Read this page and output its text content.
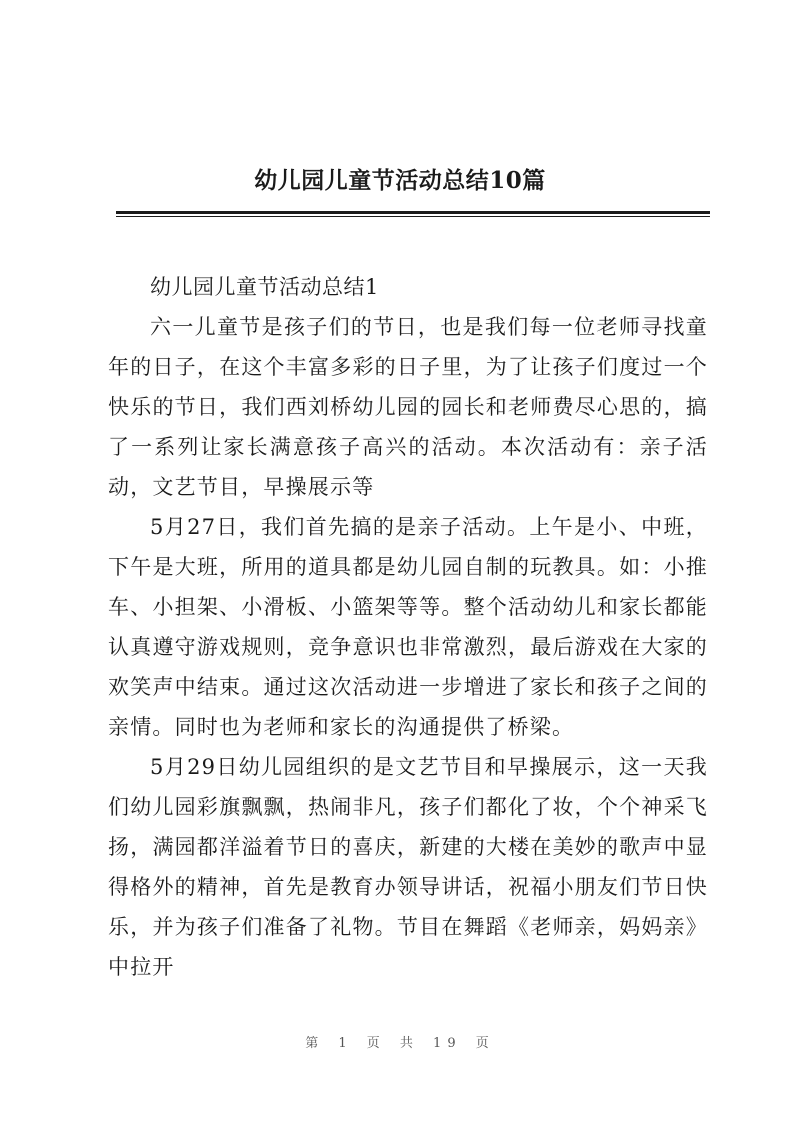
幼儿园儿童节活动总结10篇

幼儿园儿童节活动总结1

六一儿童节是孩子们的节日，也是我们每一位老师寻找童年的日子，在这个丰富多彩的日子里，为了让孩子们度过一个快乐的节日，我们西刘桥幼儿园的园长和老师费尽心思的，搞了一系列让家长满意孩子高兴的活动。本次活动有：亲子活动，文艺节目，早操展示等

5月27日，我们首先搞的是亲子活动。上午是小、中班，下午是大班，所用的道具都是幼儿园自制的玩教具。如：小推车、小担架、小滑板、小篮架等等。整个活动幼儿和家长都能认真遵守游戏规则，竞争意识也非常激烈，最后游戏在大家的欢笑声中结束。通过这次活动进一步增进了家长和孩子之间的亲情。同时也为老师和家长的沟通提供了桥梁。

5月29日幼儿园组织的是文艺节目和早操展示，这一天我们幼儿园彩旗飘飘，热闹非凡，孩子们都化了妆，个个神采飞扬，满园都洋溢着节日的喜庆，新建的大楼在美妙的歌声中显得格外的精神，首先是教育办领导讲话，祝福小朋友们节日快乐，并为孩子们准备了礼物。节目在舞蹈《老师亲，妈妈亲》中拉开

第 1 页 共 19 页
